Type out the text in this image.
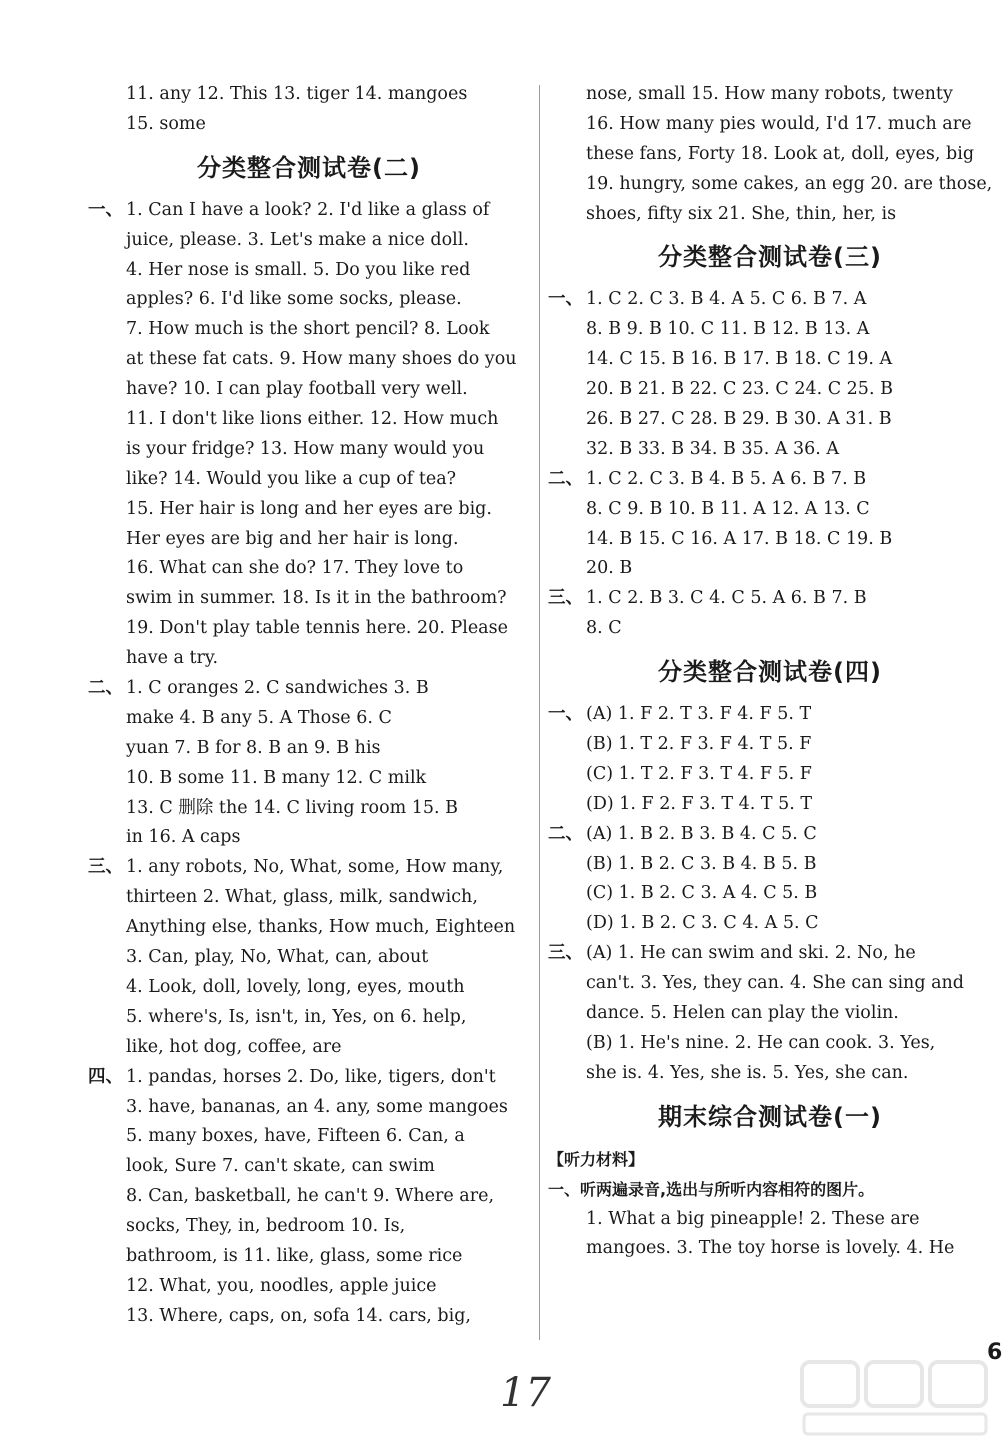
11. any 12. This 13. tiger 14. mangoes
15. some
分类整合测试卷(二)
一、 1. Can I have a look? 2. I'd like a glass of
juice, please. 3. Let's make a nice doll.
4. Her nose is small. 5. Do you like red
apples? 6. I'd like some socks, please.
7. How much is the short pencil? 8. Look
at these fat cats. 9. How many shoes do you
have? 10. I can play football very well.
11. I don't like lions either. 12. How much
is your fridge? 13. How many would you
like? 14. Would you like a cup of tea?
15. Her hair is long and her eyes are big.
Her eyes are big and her hair is long.
16. What can she do? 17. They love to
swim in summer. 18. Is it in the bathroom?
19. Don't play table tennis here. 20. Please
have a try.
二、 1. C oranges 2. C sandwiches 3. B
make 4. B any 5. A Those 6. C
yuan 7. B for 8. B an 9. B his
10. B some 11. B many 12. C milk
13. C 删除 the 14. C living room 15. B
in 16. A caps
三、 1. any robots, No, What, some, How many,
thirteen 2. What, glass, milk, sandwich,
Anything else, thanks, How much, Eighteen
3. Can, play, No, What, can, about
4. Look, doll, lovely, long, eyes, mouth
5. where's, Is, isn't, in, Yes, on 6. help,
like, hot dog, coffee, are
四、 1. pandas, horses 2. Do, like, tigers, don't
3. have, bananas, an 4. any, some mangoes
5. many boxes, have, Fifteen 6. Can, a
look, Sure 7. can't skate, can swim
8. Can, basketball, he can't 9. Where are,
socks, They, in, bedroom 10. Is,
bathroom, is 11. like, glass, some rice
12. What, you, noodles, apple juice
13. Where, caps, on, sofa 14. cars, big,
nose, small 15. How many robots, twenty
16. How many pies would, I'd 17. much are
these fans, Forty 18. Look at, doll, eyes, big
19. hungry, some cakes, an egg 20. are those,
shoes, fifty six 21. She, thin, her, is
分类整合测试卷(三)
一、 1. C 2. C 3. B 4. A 5. C 6. B 7. A
8. B 9. B 10. C 11. B 12. B 13. A
14. C 15. B 16. B 17. B 18. C 19. A
20. B 21. B 22. C 23. C 24. C 25. B
26. B 27. C 28. B 29. B 30. A 31. B
32. B 33. B 34. B 35. A 36. A
二、 1. C 2. C 3. B 4. B 5. A 6. B 7. B
8. C 9. B 10. B 11. A 12. A 13. C
14. B 15. C 16. A 17. B 18. C 19. B
20. B
三、 1. C 2. B 3. C 4. C 5. A 6. B 7. B
8. C
分类整合测试卷(四)
一、 (A) 1. F 2. T 3. F 4. F 5. T
(B) 1. T 2. F 3. F 4. T 5. F
(C) 1. T 2. F 3. T 4. F 5. F
(D) 1. F 2. F 3. T 4. T 5. T
二、 (A) 1. B 2. B 3. B 4. C 5. C
(B) 1. B 2. C 3. B 4. B 5. B
(C) 1. B 2. C 3. A 4. C 5. B
(D) 1. B 2. C 3. C 4. A 5. C
三、 (A) 1. He can swim and ski. 2. No, he
can't. 3. Yes, they can. 4. She can sing and
dance. 5. Helen can play the violin.
(B) 1. He's nine. 2. He can cook. 3. Yes,
she is. 4. Yes, she is. 5. Yes, she can.
期末综合测试卷(一)
【听力材料】
一、听两遍录音,选出与所听内容相符的图片。
1. What a big pineapple! 2. These are
mangoes. 3. The toy horse is lovely. 4. He
6
17
